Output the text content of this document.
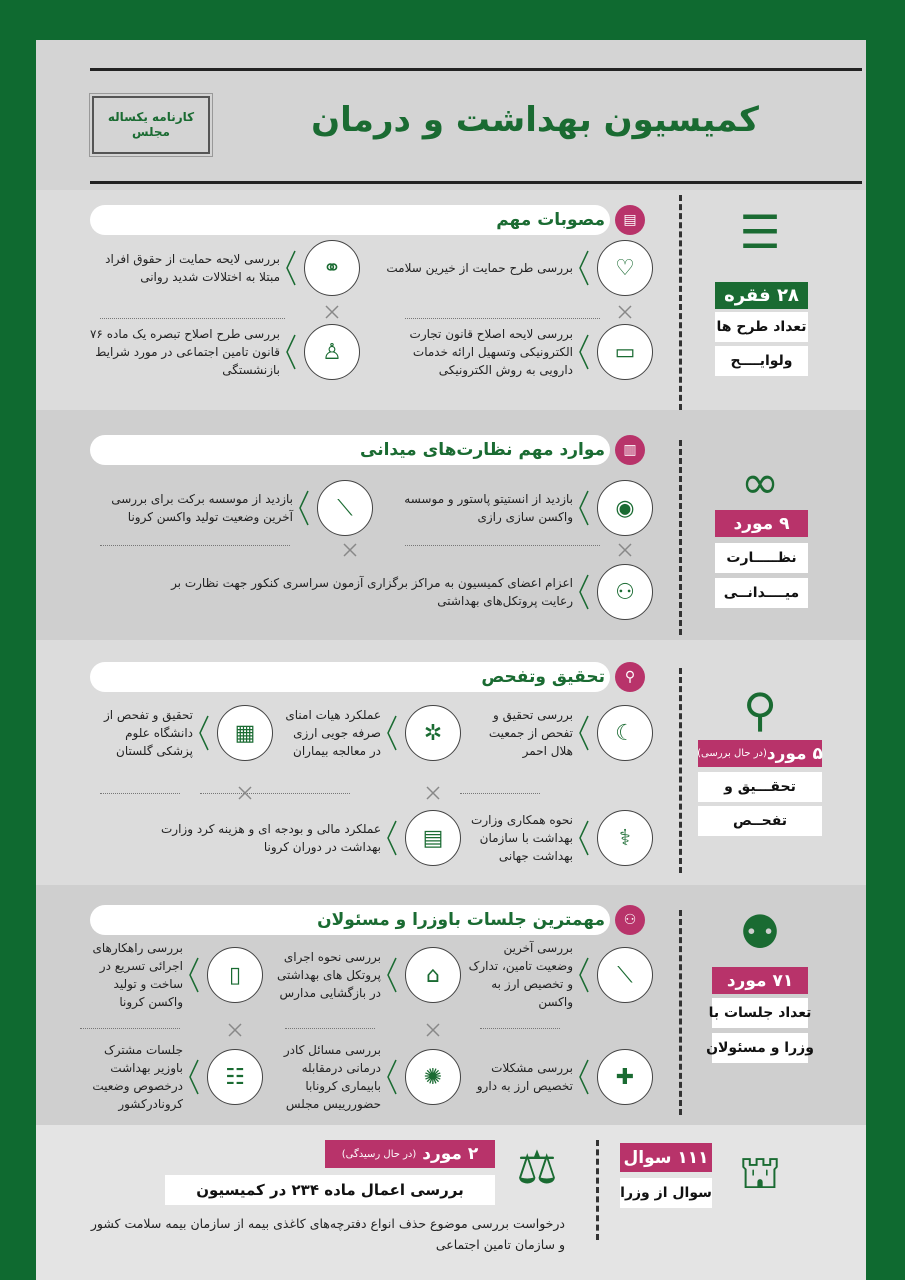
کارنامه یکساله مجلس	کمیسیون بهداشت و درمان
مصوبات مهم	▤	☰
۲۸ فقره
تعداد طرح ها
ولوایــــح
♡
بررسی طرح حمایت از خیرین سلامت
⚭
بررسی لایحه حمایت از حقوق افراد مبتلا به اختلالات شدید روانی
▭
بررسی لایحه اصلاح قانون تجارت الکترونیکی وتسهیل ارائه خدمات دارویی به روش الکترونیکی
♙
بررسی طرح اصلاح تبصره یک ماده ۷۶ قانون تامین اجتماعی در مورد شرایط بازنشستگی
موارد مهم نظارت‌های میدانی	▥
∞
۹ مورد
نظـــــارت
میــــدانــی
◉
بازدید از انستیتو پاستور و موسسه واکسن سازی رازی
⟋
بازدید از موسسه برکت برای بررسی آخرین وضعیت تولید واکسن کرونا
⚇
اعزام اعضای کمیسیون به مراکز برگزاری آزمون سراسری کنکور جهت نظارت بر رعایت پروتکل‌های بهداشتی
تحقیق وتفحص	⚲
⚲
۵ مورد
(در حال بررسی)
تحقـــیق و
تفحــص
☾
بررسی تحقیق و تفحص از جمعیت هلال احمر
✲
عملکرد هیات امنای صرفه جویی ارزی در معالجه بیماران
▦
تحقیق و تفحص از دانشگاه علوم پزشکی گلستان
⚕
نحوه همکاری وزارت بهداشت با سازمان بهداشت جهانی
▤
عملکرد مالی و بودجه ای و هزینه کرد وزارت بهداشت در دوران کرونا
مهمترین جلسات باوزرا و مسئولان	⚇	⚉
۷۱ مورد
تعداد جلسات با
وزرا و مسئولان
⟋
بررسی آخرین وضعیت تامین، تدارک و تخصیص ارز به واکسن
⌂
بررسی نحوه اجرای پروتکل های بهداشتی در بازگشایی مدارس
▯
بررسی راهکارهای اجرائی تسریع در ساخت و تولید واکسن کرونا
✚
بررسی مشکلات تخصیص ارز به دارو
✺
بررسی مسائل کادر درمانی درمقابله بابیماری کرونابا حضوررییس مجلس
☷
جلسات مشترک باوزیر بهداشت درخصوص وضعیت کرونادرکشور
⛫
۱۱۱ سوال
سوال از وزرا
⚖
۲ مورد

(در حال رسیدگی)
بررسی اعمال ماده ۲۳۴ در کمیسیون
درخواست بررسی موضوع حذف انواع دفترچه‌های کاغذی بیمه از سازمان بیمه سلامت کشور و سازمان تامین اجتماعی
